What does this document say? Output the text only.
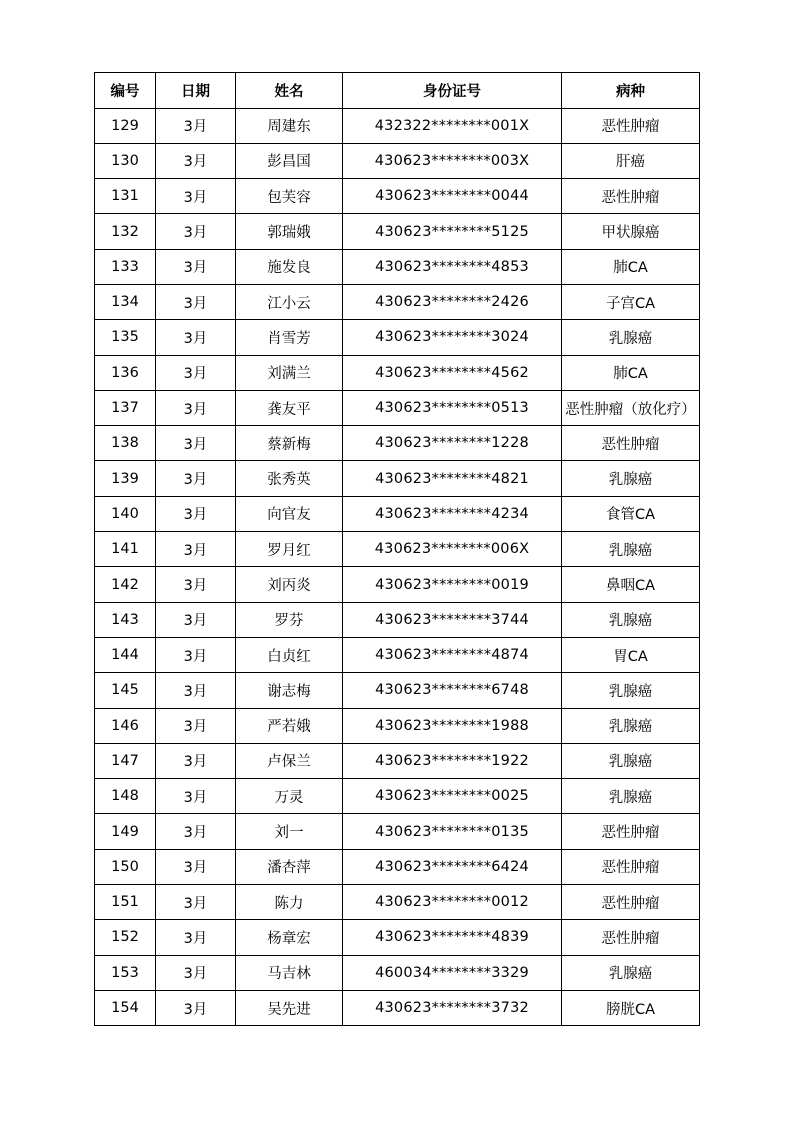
编号	日期	姓名	身份证号	病种
129	3月	周建东	432322********001X	恶性肿瘤
130	3月	彭昌国	430623********003X	肝癌
131	3月	包芙容	430623********0044	恶性肿瘤
132	3月	郭瑞娥	430623********5125	甲状腺癌
133	3月	施发良	430623********4853	肺CA
134	3月	江小云	430623********2426	子宫CA
135	3月	肖雪芳	430623********3024	乳腺癌
136	3月	刘满兰	430623********4562	肺CA
137	3月	龚友平	430623********0513	恶性肿瘤（放化疗）
138	3月	蔡新梅	430623********1228	恶性肿瘤
139	3月	张秀英	430623********4821	乳腺癌
140	3月	向官友	430623********4234	食管CA
141	3月	罗月红	430623********006X	乳腺癌
142	3月	刘丙炎	430623********0019	鼻咽CA
143	3月	罗芬	430623********3744	乳腺癌
144	3月	白贞红	430623********4874	胃CA
145	3月	谢志梅	430623********6748	乳腺癌
146	3月	严若娥	430623********1988	乳腺癌
147	3月	卢保兰	430623********1922	乳腺癌
148	3月	万灵	430623********0025	乳腺癌
149	3月	刘一	430623********0135	恶性肿瘤
150	3月	潘杏萍	430623********6424	恶性肿瘤
151	3月	陈力	430623********0012	恶性肿瘤
152	3月	杨章宏	430623********4839	恶性肿瘤
153	3月	马吉林	460034********3329	乳腺癌
154	3月	吴先进	430623********3732	膀胱CA
